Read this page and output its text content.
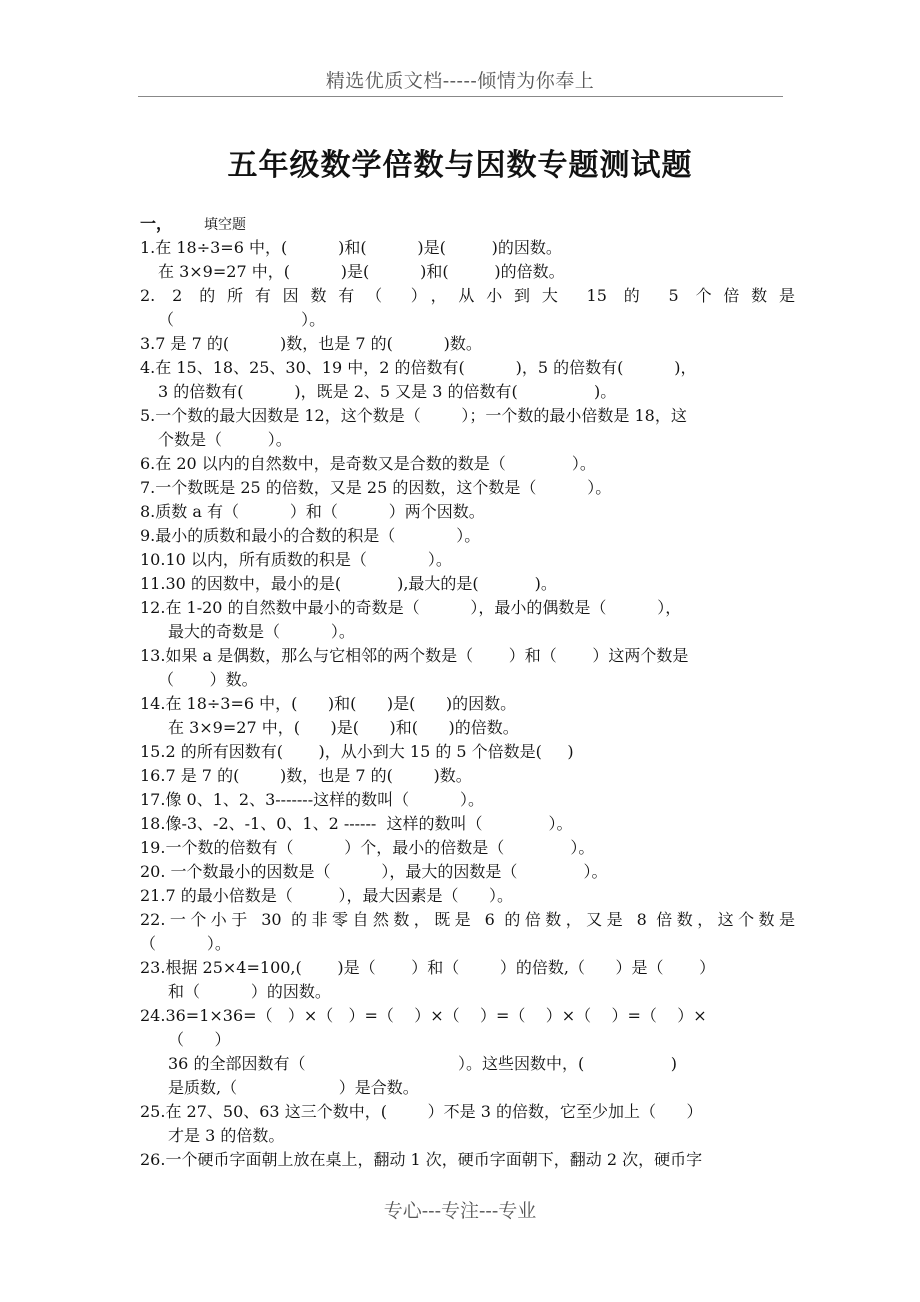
精选优质文档-----倾情为你奉上
五年级数学倍数与因数专题测试题
一， 填空题
1.在 18÷3=6 中，(          )和(          )是(         )的因数。
在 3×9=27 中，(          )是(          )和(         )的倍数。
2. 2 的所有因数有（ ），从小到大 15 的 5 个倍数是
（                         ）。
3.7 是 7 的(          )数，也是 7 的(          )数。
4.在 15、18、25、30、19 中，2 的倍数有(          )，5 的倍数有(          )，
3 的倍数有(          )，既是 2、5 又是 3 的倍数有(               )。
5.一个数的最大因数是 12，这个数是（        ）；一个数的最小倍数是 18，这
个数是（         ）。
6.在 20 以内的自然数中，是奇数又是合数的数是（             ）。
7.一个数既是 25 的倍数，又是 25 的因数，这个数是（          ）。
8.质数 a 有（          ）和（          ）两个因数。
9.最小的质数和最小的合数的积是（            ）。
10.10 以内，所有质数的积是（            ）。
11.30 的因数中，最小的是(           ),最大的是(           )。
12.在 1-20 的自然数中最小的奇数是（          ），最小的偶数是（          ），
最大的奇数是（          ）。
13.如果 a 是偶数，那么与它相邻的两个数是（       ）和（       ）这两个数是
（       ）数。
14.在 18÷3=6 中，(      )和(      )是(      )的因数。
在 3×9=27 中，(      )是(      )和(      )的倍数。
15.2 的所有因数有(       )，从小到大 15 的 5 个倍数是(     )
16.7 是 7 的(        )数，也是 7 的(        )数。
17.像 0、1、2、3-------这样的数叫（          ）。
18.像-3、-2、-1、0、1、2 ------  这样的数叫（             ）。
19.一个数的倍数有（          ）个，最小的倍数是（             ）。
20. 一个数最小的因数是（          ），最大的因数是（             ）。
21.7 的最小倍数是（         ），最大因素是（      ）。
22.一个小于 30 的非零自然数，既是 6 的倍数，又是 8 倍数，这个数是
（          ）。
23.根据 25×4=100,(       )是（       ）和（        ）的倍数,（      ）是（       ）
和（          ）的因数。
24.36=1×36=（   ）×（   ）=（    ）×（    ）=（    ）×（    ）=（    ）×
（      ）
36 的全部因数有（                              ）。这些因数中，(                 )
是质数,（                    ）是合数。
25.在 27、50、63 这三个数中，(        ）不是 3 的倍数，它至少加上（      ）
才是 3 的倍数。
26.一个硬币字面朝上放在桌上，翻动 1 次，硬币字面朝下，翻动 2 次，硬币字
专心---专注---专业
